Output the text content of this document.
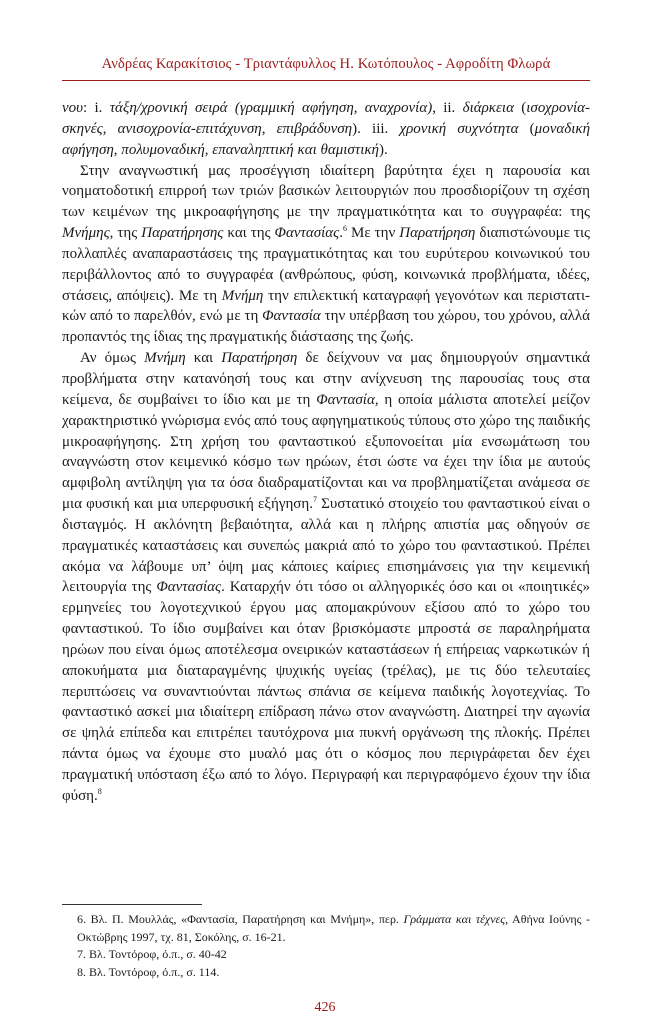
Ανδρέας Καρακίτσιος - Τριαντάφυλλος Η. Κωτόπουλος - Αφροδίτη Φλωρά

νου: i. τάξη/χρονική σειρά (γραμμική αφήγηση, αναχρονία), ii. διάρκεια (ισοχρονία-σκηνές, ανισοχρονία-επιτάχυνση, επιβράδυνση). iii. χρονική συχνότητα (μοναδική αφήγηση, πολυμοναδική, επαναληπτική και θαμιστική).

Στην αναγνωστική μας προσέγγιση ιδιαίτερη βαρύτητα έχει η παρουσία και νοηματοδοτική επιρροή των τριών βασικών λειτουργιών που προσδιορίζουν τη σχέση των κειμένων της μικροαφήγησης με την πραγματικότητα και το συγγραφέα: της Μνήμης, της Παρατήρησης και της Φαντασίας.$^6$ Με την Παρατήρηση διαπιστώνουμε τις πολλαπλές αναπαραστάσεις της πραγματικότητας και του ευρύτερου κοινωνικού του περιβάλλοντος από το συγγραφέα (ανθρώπους, φύση, κοινωνικά προβλήματα, ιδέες, στάσεις, απόψεις). Με τη Μνήμη την επιλεκτική καταγραφή γεγονότων και περιστατικών από το παρελθόν, ενώ με τη Φαντασία την υπέρβαση του χώρου, του χρόνου, αλλά προπαντός της ίδιας της πραγματικής διάστασης της ζωής.

Αν όμως Μνήμη και Παρατήρηση δε δείχνουν να μας δημιουργούν σημαντικά προβλήματα στην κατανόησή τους και στην ανίχνευση της παρουσίας τους στα κείμενα, δε συμβαίνει το ίδιο και με τη Φαντασία, η οποία μάλιστα αποτελεί μείζον χαρακτηριστικό γνώρισμα ενός από τους αφηγηματικούς τύπους στο χώρο της παιδικής μικροαφήγησης. Στη χρήση του φανταστικού εξυπονοείται μία ενσωμάτωση του αναγνώστη στον κειμενικό κόσμο των ηρώων, έτσι ώστε να έχει την ίδια με αυτούς αμφιβολη αντίληψη για τα όσα διαδραματίζονται και να προβληματίζεται ανάμεσα σε μια φυσική και μια υπερφυσική εξήγηση.$^7$ Συστατικό στοιχείο του φανταστικού είναι ο δισταγμός. Η ακλόνητη βεβαιότητα, αλλά και η πλήρης απιστία μας οδηγούν σε πραγματικές καταστάσεις και συνεπώς μακριά από το χώρο του φανταστικού. Πρέπει ακόμα να λάβουμε υπ’ όψη μας κάποιες καίριες επισημάνσεις για την κειμενική λειτουργία της Φαντασίας. Καταρχήν ότι τόσο οι αλληγορικές όσο και οι «ποιητικές» ερμηνείες του λογοτεχνικού έργου μας απομακρύνουν εξίσου από το χώρο του φανταστικού. Το ίδιο συμβαίνει και όταν βρισκόμαστε μπροστά σε παραληρήματα ηρώων που είναι όμως αποτέλεσμα ονειρικών καταστάσεων ή επήρειας ναρκωτικών ή αποκυήματα μια διαταραγμένης ψυχικής υγείας (τρέλας), με τις δύο τελευταίες περιπτώσεις να συναντιούνται πάντως σπάνια σε κείμενα παιδικής λογοτεχνίας. Το φανταστικό ασκεί μια ιδιαίτερη επίδραση πάνω στον αναγνώστη. Διατηρεί την αγωνία σε ψηλά επίπεδα και επιτρέπει ταυτόχρονα μια πυκνή οργάνωση της πλοκής. Πρέπει πάντα όμως να έχουμε στο μυαλό μας ότι ο κόσμος που περιγράφεται δεν έχει πραγματική υπόσταση έξω από το λόγο. Περιγραφή και περιγραφόμενο έχουν την ίδια φύση.$^8$

6. Βλ. Π. Μουλλάς, «Φαντασία, Παρατήρηση και Μνήμη», περ. Γράμματα και τέχνες, Αθήνα Ιούνης - Οκτώβρης 1997, τχ. 81, Σοκόλης, σ. 16-21.

7. Βλ. Τοντόροφ, ό.π., σ. 40-42

8. Βλ. Τοντόροφ, ό.π., σ. 114.

426
